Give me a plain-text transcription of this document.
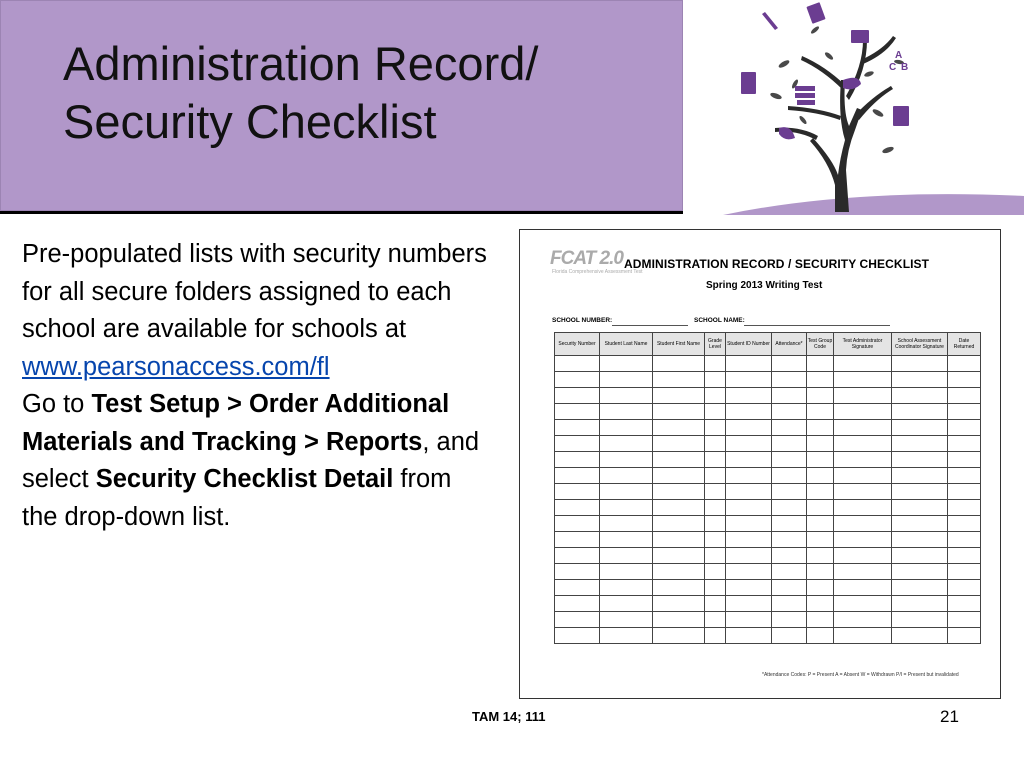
Administration Record/
Security Checklist
A
C B

Pre-populated lists with security numbers for all secure folders assigned to each school are available for schools at
www.pearsonaccess.com/fl

Go to Test Setup > Order Additional Materials and Tracking > Reports, and select Security Checklist Detail from the drop-down list.

FCAT 2.0
Florida Comprehensive Assessment Test
ADMINISTRATION RECORD / SECURITY CHECKLIST
Spring 2013 Writing Test
SCHOOL NUMBER:	SCHOOL NAME:
Security Number	Student Last Name	Student First Name	Grade Level	Student ID Number	Attendance*	Test Group Code	Test Administrator Signature	School Assessment Coordinator Signature	Date Returned

*Attendance Codes: P = Present A = Absent W = Withdrawn P/I = Present but invalidated
TAM 14; 111	21
